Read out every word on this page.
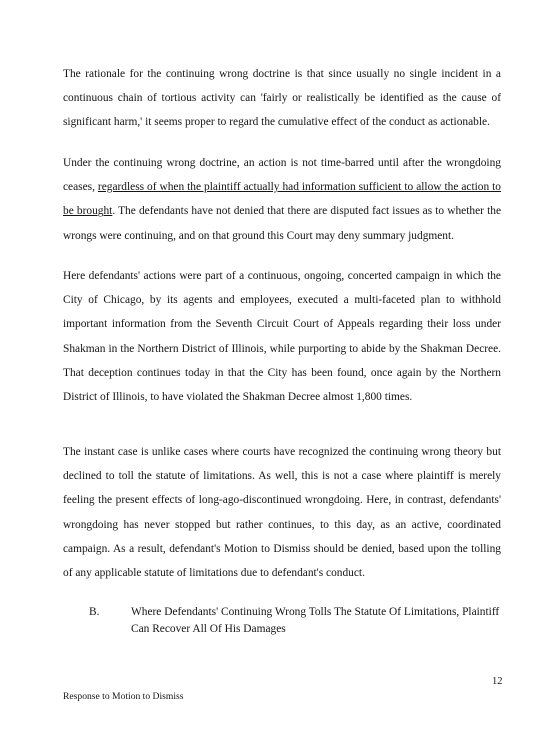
The rationale for the continuing wrong doctrine is that since usually no single incident in a continuous chain of tortious activity can 'fairly or realistically be identified as the cause of significant harm,' it seems proper to regard the cumulative effect of the conduct as actionable.

Under the continuing wrong doctrine, an action is not time-barred until after the wrongdoing ceases, regardless of when the plaintiff actually had information sufficient to allow the action to be brought. The defendants have not denied that there are disputed fact issues as to whether the wrongs were continuing, and on that ground this Court may deny summary judgment.

Here defendants' actions were part of a continuous, ongoing, concerted campaign in which the City of Chicago, by its agents and employees, executed a multi-faceted plan to withhold important information from the Seventh Circuit Court of Appeals regarding their loss under Shakman in the Northern District of Illinois, while purporting to abide by the Shakman Decree. That deception continues today in that the City has been found, once again by the Northern District of Illinois, to have violated the Shakman Decree almost 1,800 times.

The instant case is unlike cases where courts have recognized the continuing wrong theory but declined to toll the statute of limitations. As well, this is not a case where plaintiff is merely feeling the present effects of long-ago-discontinued wrongdoing. Here, in contrast, defendants' wrongdoing has never stopped but rather continues, to this day, as an active, coordinated campaign. As a result, defendant's Motion to Dismiss should be denied, based upon the tolling of any applicable statute of limitations due to defendant's conduct.

B.	Where Defendants' Continuing Wrong Tolls The Statute Of Limitations, Plaintiff Can Recover All Of His Damages
12
Response to Motion to Dismiss
